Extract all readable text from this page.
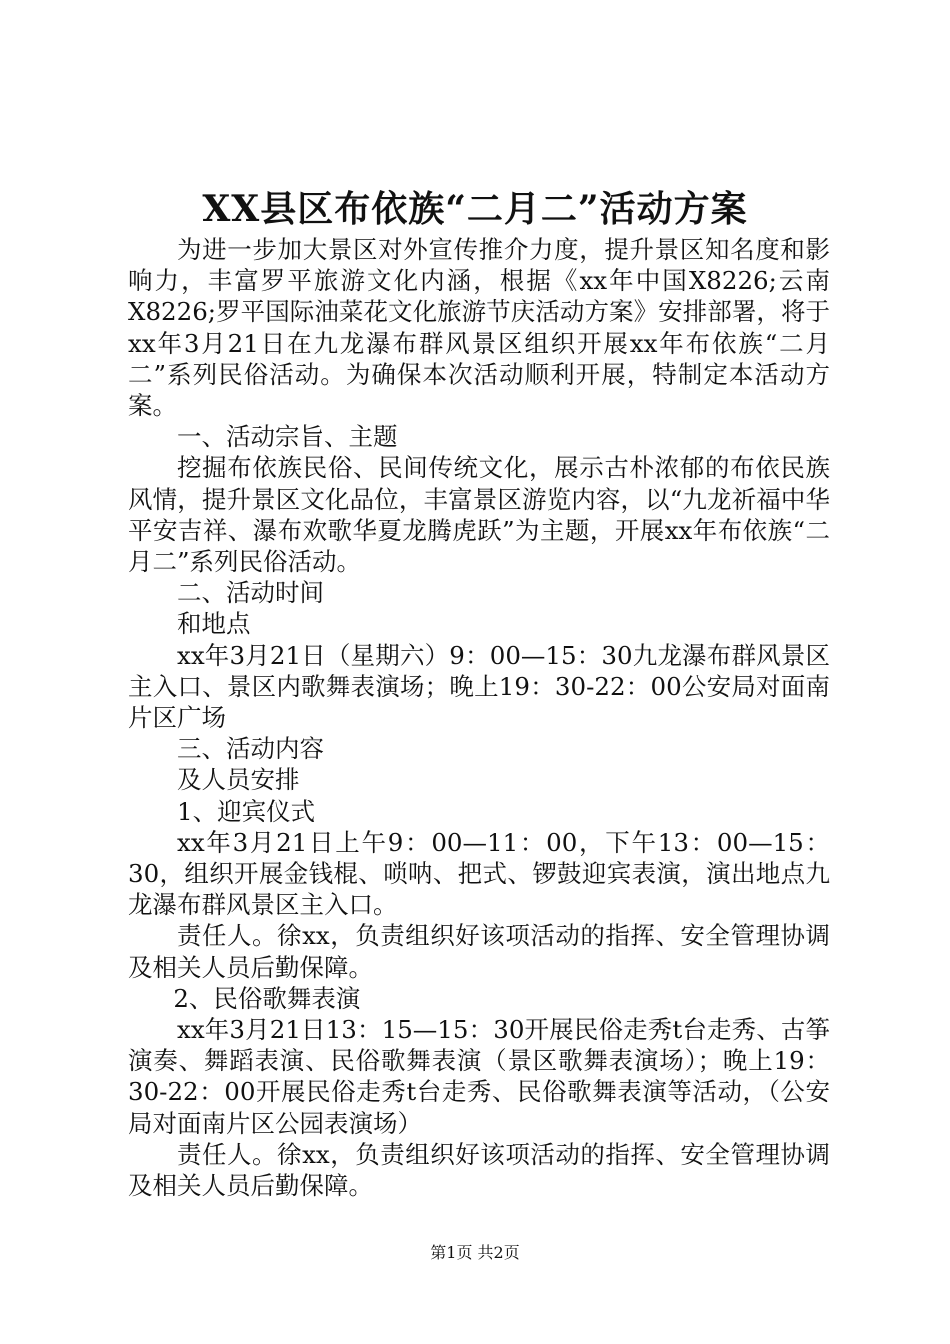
XX县区布依族“二月二”活动方案

为进一步加大景区对外宣传推介力度，提升景区知名度和影响力，丰富罗平旅游文化内涵，根据《xx年中国X8226;云南X8226;罗平国际油菜花文化旅游节庆活动方案》安排部署，将于xx年3月21日在九龙瀑布群风景区组织开展xx年布依族“二月二”系列民俗活动。为确保本次活动顺利开展，特制定本活动方案。

一、活动宗旨、主题

挖掘布依族民俗、民间传统文化，展示古朴浓郁的布依民族风情，提升景区文化品位，丰富景区游览内容，以“九龙祈福中华平安吉祥、瀑布欢歌华夏龙腾虎跃”为主题，开展xx年布依族“二月二”系列民俗活动。

二、活动时间

和地点

xx年3月21日（星期六）9：00—15：30九龙瀑布群风景区主入口、景区内歌舞表演场；晚上19：30-22：00公安局对面南片区广场

三、活动内容

及人员安排

1、迎宾仪式

xx年3月21日上午9：00—11：00，下午13：00—15：30，组织开展金钱棍、唢呐、把式、锣鼓迎宾表演，演出地点九龙瀑布群风景区主入口。

责任人。徐xx，负责组织好该项活动的指挥、安全管理协调及相关人员后勤保障。

2、民俗歌舞表演

xx年3月21日13：15—15：30开展民俗走秀t台走秀、古筝演奏、舞蹈表演、民俗歌舞表演（景区歌舞表演场）；晚上19：30-22：00开展民俗走秀t台走秀、民俗歌舞表演等活动，（公安局对面南片区公园表演场）

责任人。徐xx，负责组织好该项活动的指挥、安全管理协调及相关人员后勤保障。

第1页 共2页
